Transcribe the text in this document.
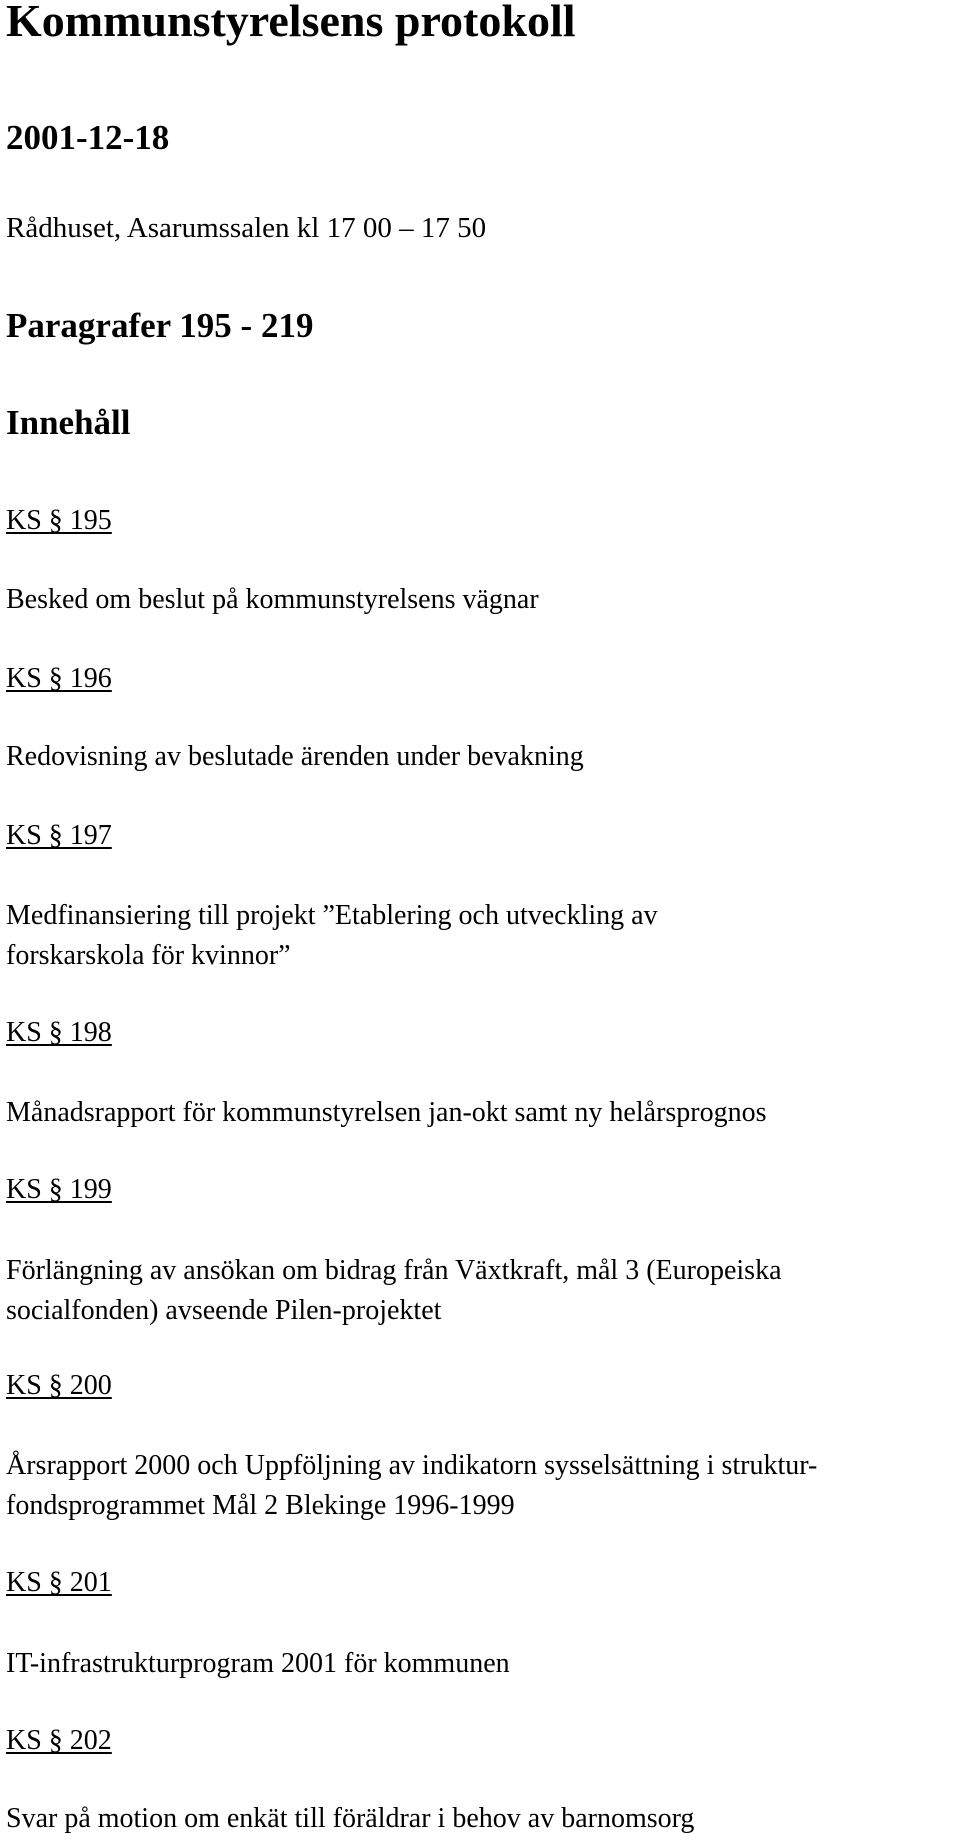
Kommunstyrelsens protokoll
2001-12-18
Rådhuset, Asarumssalen kl 17 00 – 17 50
Paragrafer 195 - 219
Innehåll
KS § 195
Besked om beslut på kommunstyrelsens vägnar
KS § 196
Redovisning av beslutade ärenden under bevakning
KS § 197
Medfinansiering till projekt ”Etablering och utveckling av
forskarskola för kvinnor”
KS § 198
Månadsrapport för kommunstyrelsen jan-okt samt ny helårsprognos
KS § 199
Förlängning av ansökan om bidrag från Växtkraft, mål 3 (Europeiska
socialfonden) avseende Pilen-projektet
KS § 200
Årsrapport 2000 och Uppföljning av indikatorn sysselsättning i struktur-
fondsprogrammet Mål 2 Blekinge 1996-1999
KS § 201
IT-infrastrukturprogram 2001 för kommunen
KS § 202
Svar på motion om enkät till föräldrar i behov av barnomsorg
